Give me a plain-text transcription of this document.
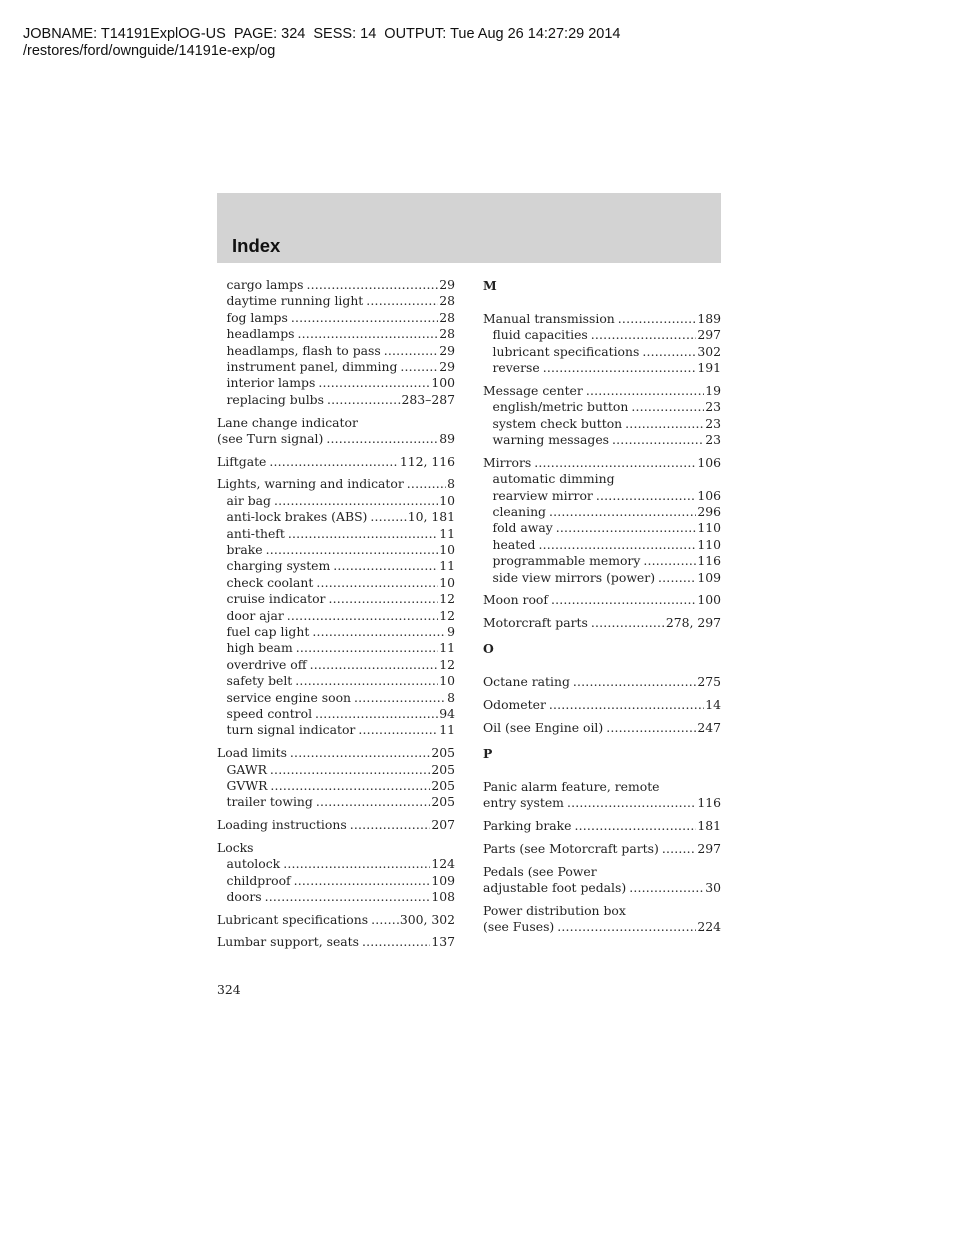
JOBNAME: T14191ExplOG-US  PAGE: 324  SESS: 14  OUTPUT: Tue Aug 26 14:27:29 2014
/restores/ford/ownguide/14191e-exp/og
Index
cargo lamps .....	29
daytime running light .....	28
fog lamps .....	28
headlamps .....	28
headlamps, flash to pass .....	29
instrument panel, dimming .....	29
interior lamps .....	100
replacing bulbs .....	283–287
Lane change indicator
(see Turn signal) .....	89
Liftgate .....	112, 116
Lights, warning and indicator .....	8
air bag .....	10
anti-lock brakes (ABS) .....	10, 181
anti-theft .....	11
brake .....	10
charging system .....	11
check coolant .....	10
cruise indicator .....	12
door ajar .....	12
fuel cap light .....	9
high beam .....	11
overdrive off .....	12
safety belt .....	10
service engine soon .....	8
speed control .....	94
turn signal indicator .....	11
Load limits .....	205
GAWR .....	205
GVWR .....	205
trailer towing .....	205
Loading instructions .....	207
Locks
autolock .....	124
childproof .....	109
doors .....	108
Lubricant specifications .....	300, 302
Lumbar support, seats .....	137
M
Manual transmission .....	189
fluid capacities .....	297
lubricant specifications .....	302
reverse .....	191
Message center .....	19
english/metric button .....	23
system check button .....	23
warning messages .....	23
Mirrors .....	106
automatic dimming
rearview mirror .....	106
cleaning .....	296
fold away .....	110
heated .....	110
programmable memory .....	116
side view mirrors (power) .....	109
Moon roof .....	100
Motorcraft parts .....	278, 297
O
Octane rating .....	275
Odometer .....	14
Oil (see Engine oil) .....	247
P
Panic alarm feature, remote
entry system .....	116
Parking brake .....	181
Parts (see Motorcraft parts) .....	297
Pedals (see Power
adjustable foot pedals) .....	30
Power distribution box
(see Fuses) .....	224
324
